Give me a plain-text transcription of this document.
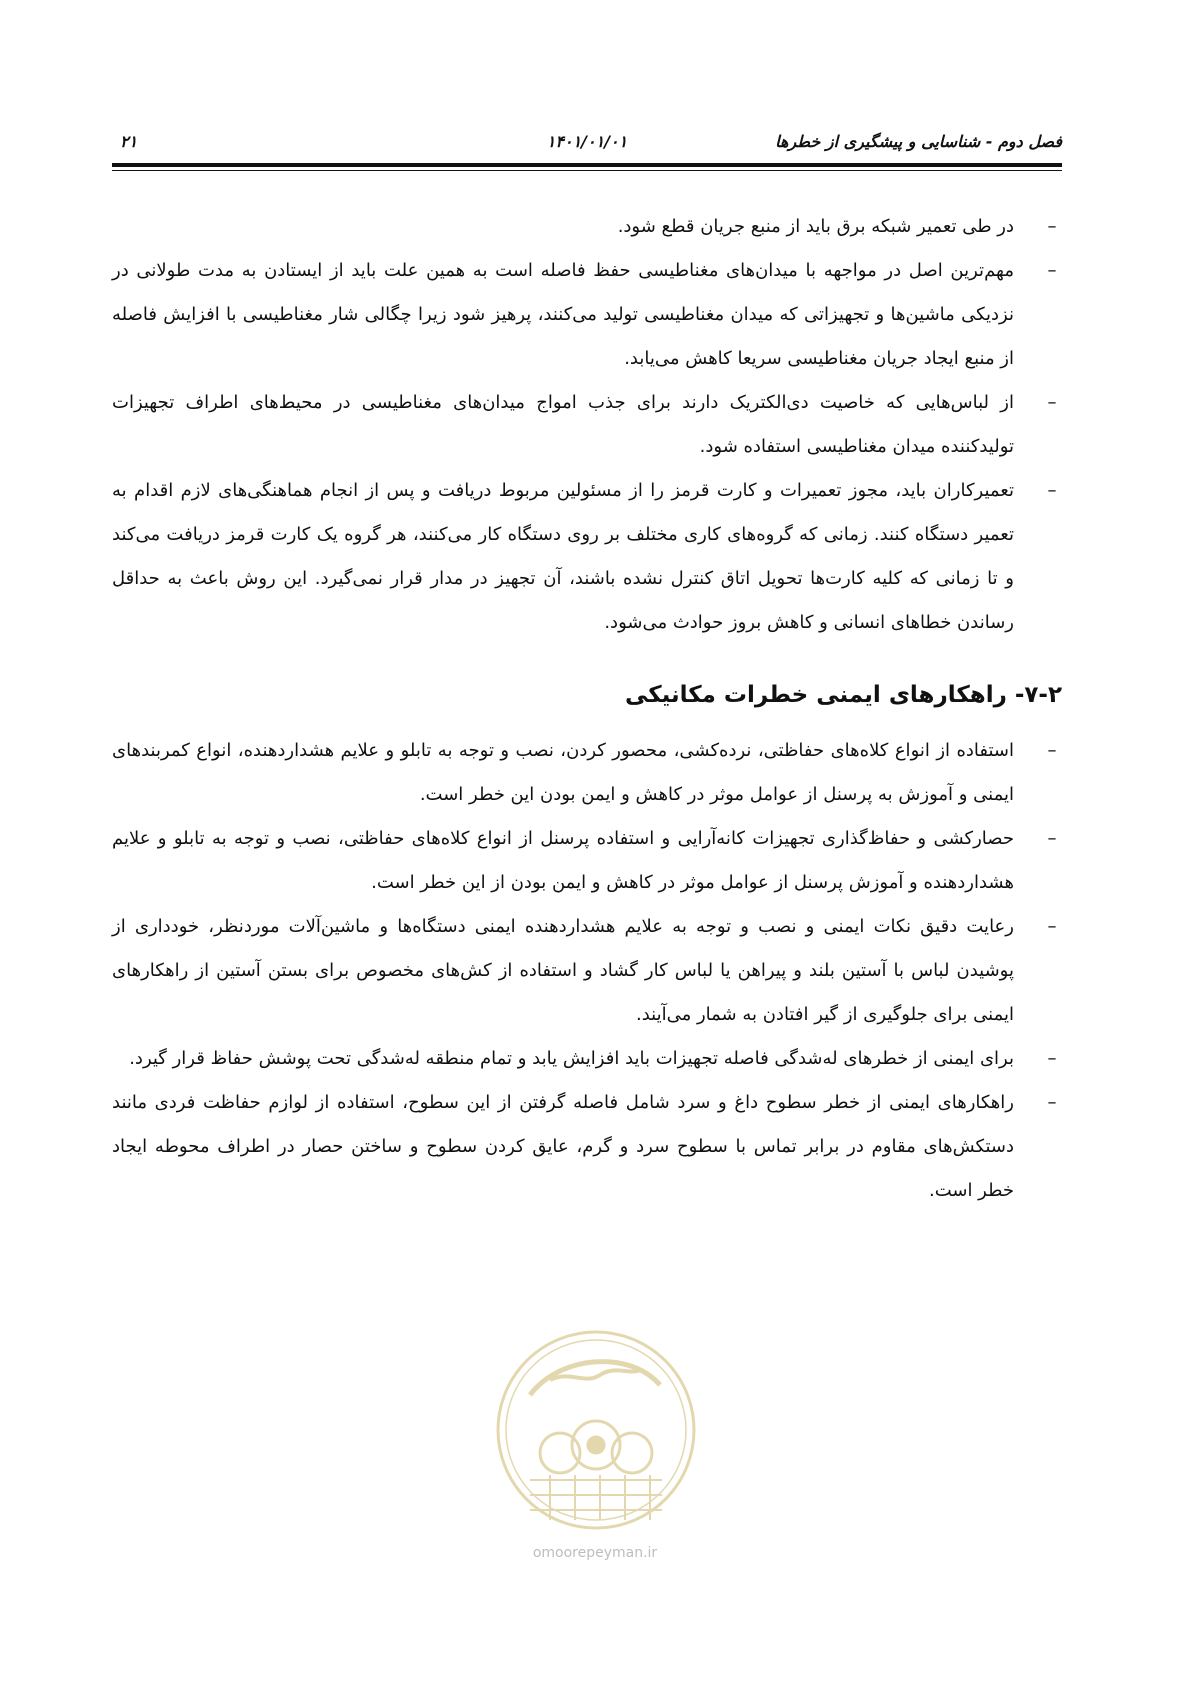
فصل دوم - شناسایی و پیشگیری از خطرها
۱۴۰۱/۰۱/۰۱
۲۱
–
در طی تعمیر شبکه برق باید از منبع جریان قطع شود.
–
مهم‌ترین اصل در مواجهه با میدان‌های مغناطیسی حفظ فاصله است به همین علت باید از ایستادن به مدت طولانی در نزدیکی ماشین‌ها و تجهیزاتی که میدان مغناطیسی تولید می‌کنند، پرهیز شود زیرا چگالی شار مغناطیسی با افزایش فاصله از منبع ایجاد جریان مغناطیسی سریعا کاهش می‌یابد.
–
از لباس‌هایی که خاصیت دی‌الکتریک دارند برای جذب امواج میدان‌های مغناطیسی در محیط‌های اطراف تجهیزات تولیدکننده میدان مغناطیسی استفاده شود.
–
تعمیرکاران باید، مجوز تعمیرات و کارت قرمز را از مسئولین مربوط دریافت و پس از انجام هماهنگی‌های لازم اقدام به تعمیر دستگاه کنند. زمانی که گروه‌های کاری مختلف بر روی دستگاه کار می‌کنند، هر گروه یک کارت قرمز دریافت می‌کند و تا زمانی که کلیه کارت‌ها تحویل اتاق کنترل نشده باشند، آن تجهیز در مدار قرار نمی‌گیرد. این روش باعث به حداقل رساندن خطاهای انسانی و کاهش بروز حوادث می‌شود.
۷-۲- راهکارهای ایمنی خطرات مکانیکی
–
استفاده از انواع کلاه‌های حفاظتی، نرده‌کشی، محصور کردن، نصب و توجه به تابلو و علایم هشداردهنده، انواع کمربندهای ایمنی و آموزش به پرسنل از عوامل موثر در کاهش و ایمن بودن این خطر است.
–
حصارکشی و حفاظ‌گذاری تجهیزات کانه‌آرایی و استفاده پرسنل از انواع کلاه‌های حفاظتی، نصب و توجه به تابلو و علایم هشداردهنده و آموزش پرسنل از عوامل موثر در کاهش و ایمن بودن از این خطر است.
–
رعایت دقیق نکات ایمنی و نصب و توجه به علایم هشداردهنده ایمنی دستگاه‌ها و ماشین‌آلات موردنظر، خودداری از پوشیدن لباس با آستین بلند و پیراهن یا لباس کار گشاد و استفاده از کش‌های مخصوص برای بستن آستین از راهکارهای ایمنی برای جلوگیری از گیر افتادن به شمار می‌آیند.
–
برای ایمنی از خطرهای له‌شدگی فاصله تجهیزات باید افزایش یابد و تمام منطقه له‌شدگی تحت پوشش حفاظ قرار گیرد.
–
راهکارهای ایمنی از خطر سطوح داغ و سرد شامل فاصله گرفتن از این سطوح، استفاده از لوازم حفاظت فردی مانند دستکش‌های مقاوم در برابر تماس با سطوح سرد و گرم، عایق کردن سطوح و ساختن حصار در اطراف محوطه ایجاد خطر است.
omoorepeyman.ir
